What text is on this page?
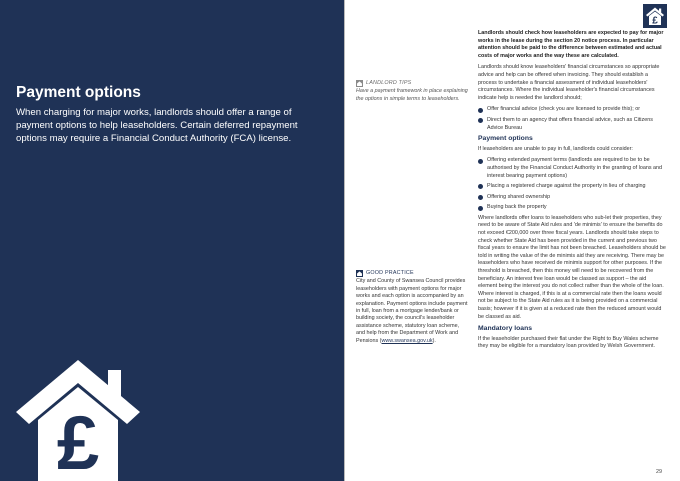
Payment options

When charging for major works, landlords should offer a range of payment options to help leaseholders. Certain deferred repayment options may require a Financial Conduct Authority (FCA) license.

£
£
LANDLORD TIPS
Have a payment framework in place explaining the options in simple terms to leaseholders.
GOOD PRACTICE
City and County of Swansea Council provides leaseholders with payment options for major works and each option is accompanied by an explanation. Payment options include payment in full, loan from a mortgage lender/bank or building society, the council's leaseholder assistance scheme, statutory loan scheme, and help from the Department of Work and Pensions (www.swansea.gov.uk).
Landlords should check how leaseholders are expected to pay for major works in the lease during the section 20 notice process. In particular attention should be paid to the difference between estimated and actual costs of major works and the way these are calculated.
Landlords should know leaseholders' financial circumstances so appropriate advice and help can be offered when invoicing. They should establish a process to undertake a financial assessment of individual leaseholders' circumstances. Where the individual leaseholder's financial circumstances indicate help is needed the landlord should;
Offer financial advice (check you are licensed to provide this); or
Direct them to an agency that offers financial advice, such as Citizens Advice Bureau
Payment options
If leaseholders are unable to pay in full, landlords could consider:
Offering extended payment terms (landlords are required to be to be authorised by the Financial Conduct Authority in the granting of loans and interest bearing payment options)
Placing a registered charge against the property in lieu of charging
Offering shared ownership
Buying back the property
Where landlords offer loans to leaseholders who sub-let their properties, they need to be aware of State Aid rules and 'de minimis' to ensure the benefits do not exceed €200,000 over three fiscal years. Landlords should take steps to check whether State Aid has been provided in the current and previous two fiscal years to ensure the limit has not been breached. Leaseholders should be told in writing the value of the de minimis aid they are receiving. There may be leaseholders who have received de minimis support for other purposes. If the threshold is breached, then this money will need to be recovered from the beneficiary. An interest free loan would be classed as support – the aid element being the interest you do not collect rather than the whole of the loan. Where interest is charged, if this is at a commercial rate then the loans would not be subject to the State Aid rules as it is being provided on a commercial basis; however if it is given at a reduced rate then the reduced amount would be classed as aid.
Mandatory loans
If the leaseholder purchased their flat under the Right to Buy Wales scheme they may be eligible for a mandatory loan provided by Welsh Government.
29
